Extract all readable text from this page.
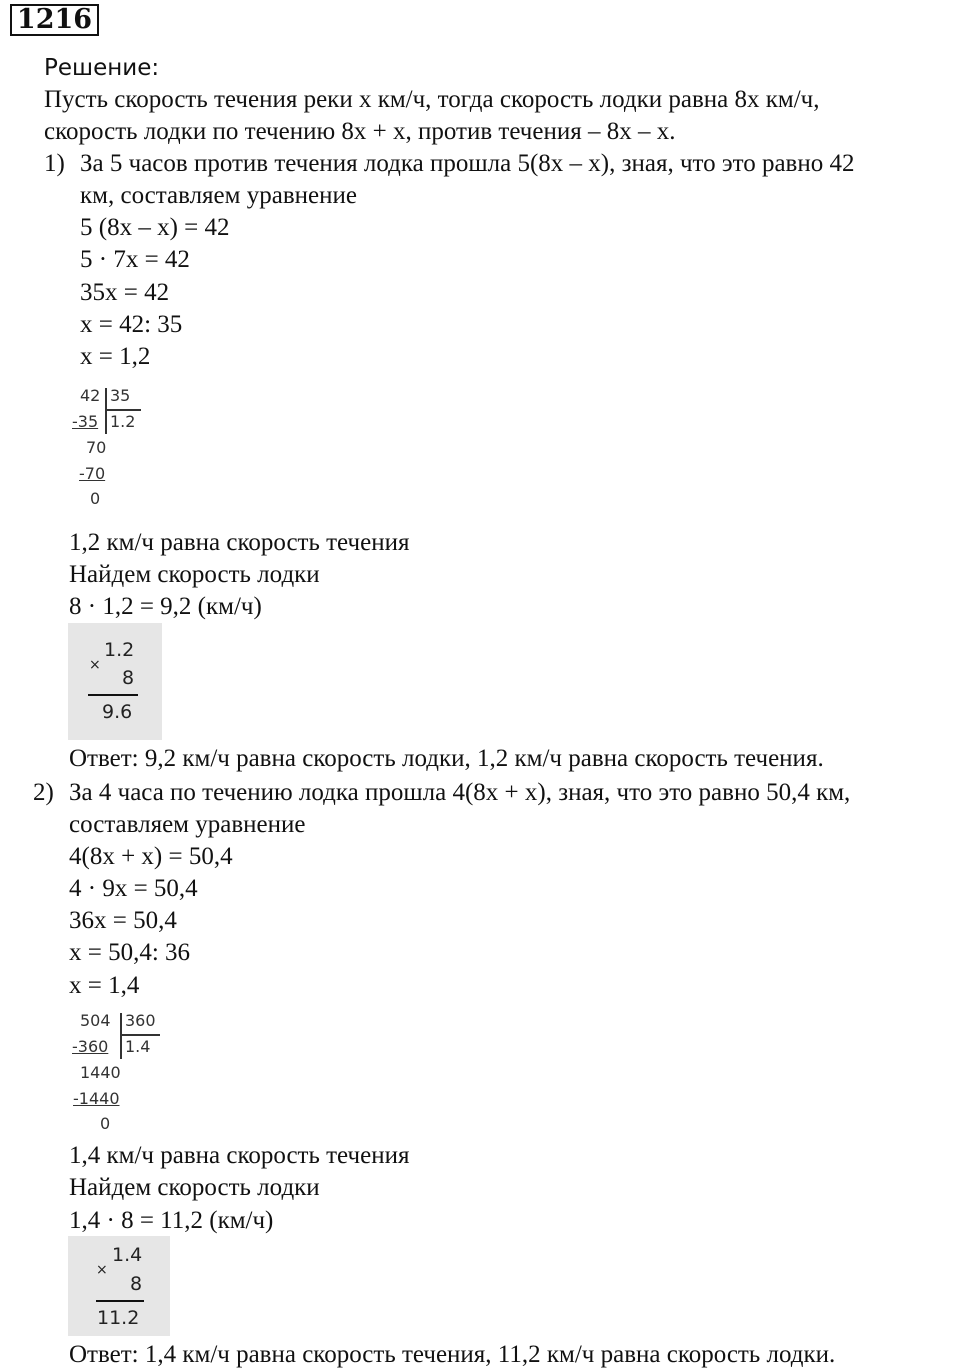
1216
Решение:
Пусть скорость течения реки x км/ч, тогда скорость лодки равна 8x км/ч,
скорость лодки по течению 8x + x, против течения – 8x – x.
1) За 5 часов против течения лодка прошла 5(8x – x), зная, что это равно 42
км, составляем уравнение
5 (8x – x) = 42
5 · 7x = 42
35x = 42
x = 42: 35
x = 1,2
42 35
-35 1.2
70
-70
0
1,2 км/ч равна скорость течения
Найдем скорость лодки
8 · 1,2 = 9,2 (км/ч)
×
1.2
8
9.6
Ответ: 9,2 км/ч равна скорость лодки, 1,2 км/ч равна скорость течения.
2) За 4 часа по течению лодка прошла 4(8x + x), зная, что это равно 50,4 км,
составляем уравнение
4(8x + x) = 50,4
4 · 9x = 50,4
36x = 50,4
x = 50,4: 36
x = 1,4
504 360
-360 1.4
1440
-1440
0
1,4 км/ч равна скорость течения
Найдем скорость лодки
1,4 · 8 = 11,2 (км/ч)
×
1.4
8
11.2
Ответ: 1,4 км/ч равна скорость течения, 11,2 км/ч равна скорость лодки.
